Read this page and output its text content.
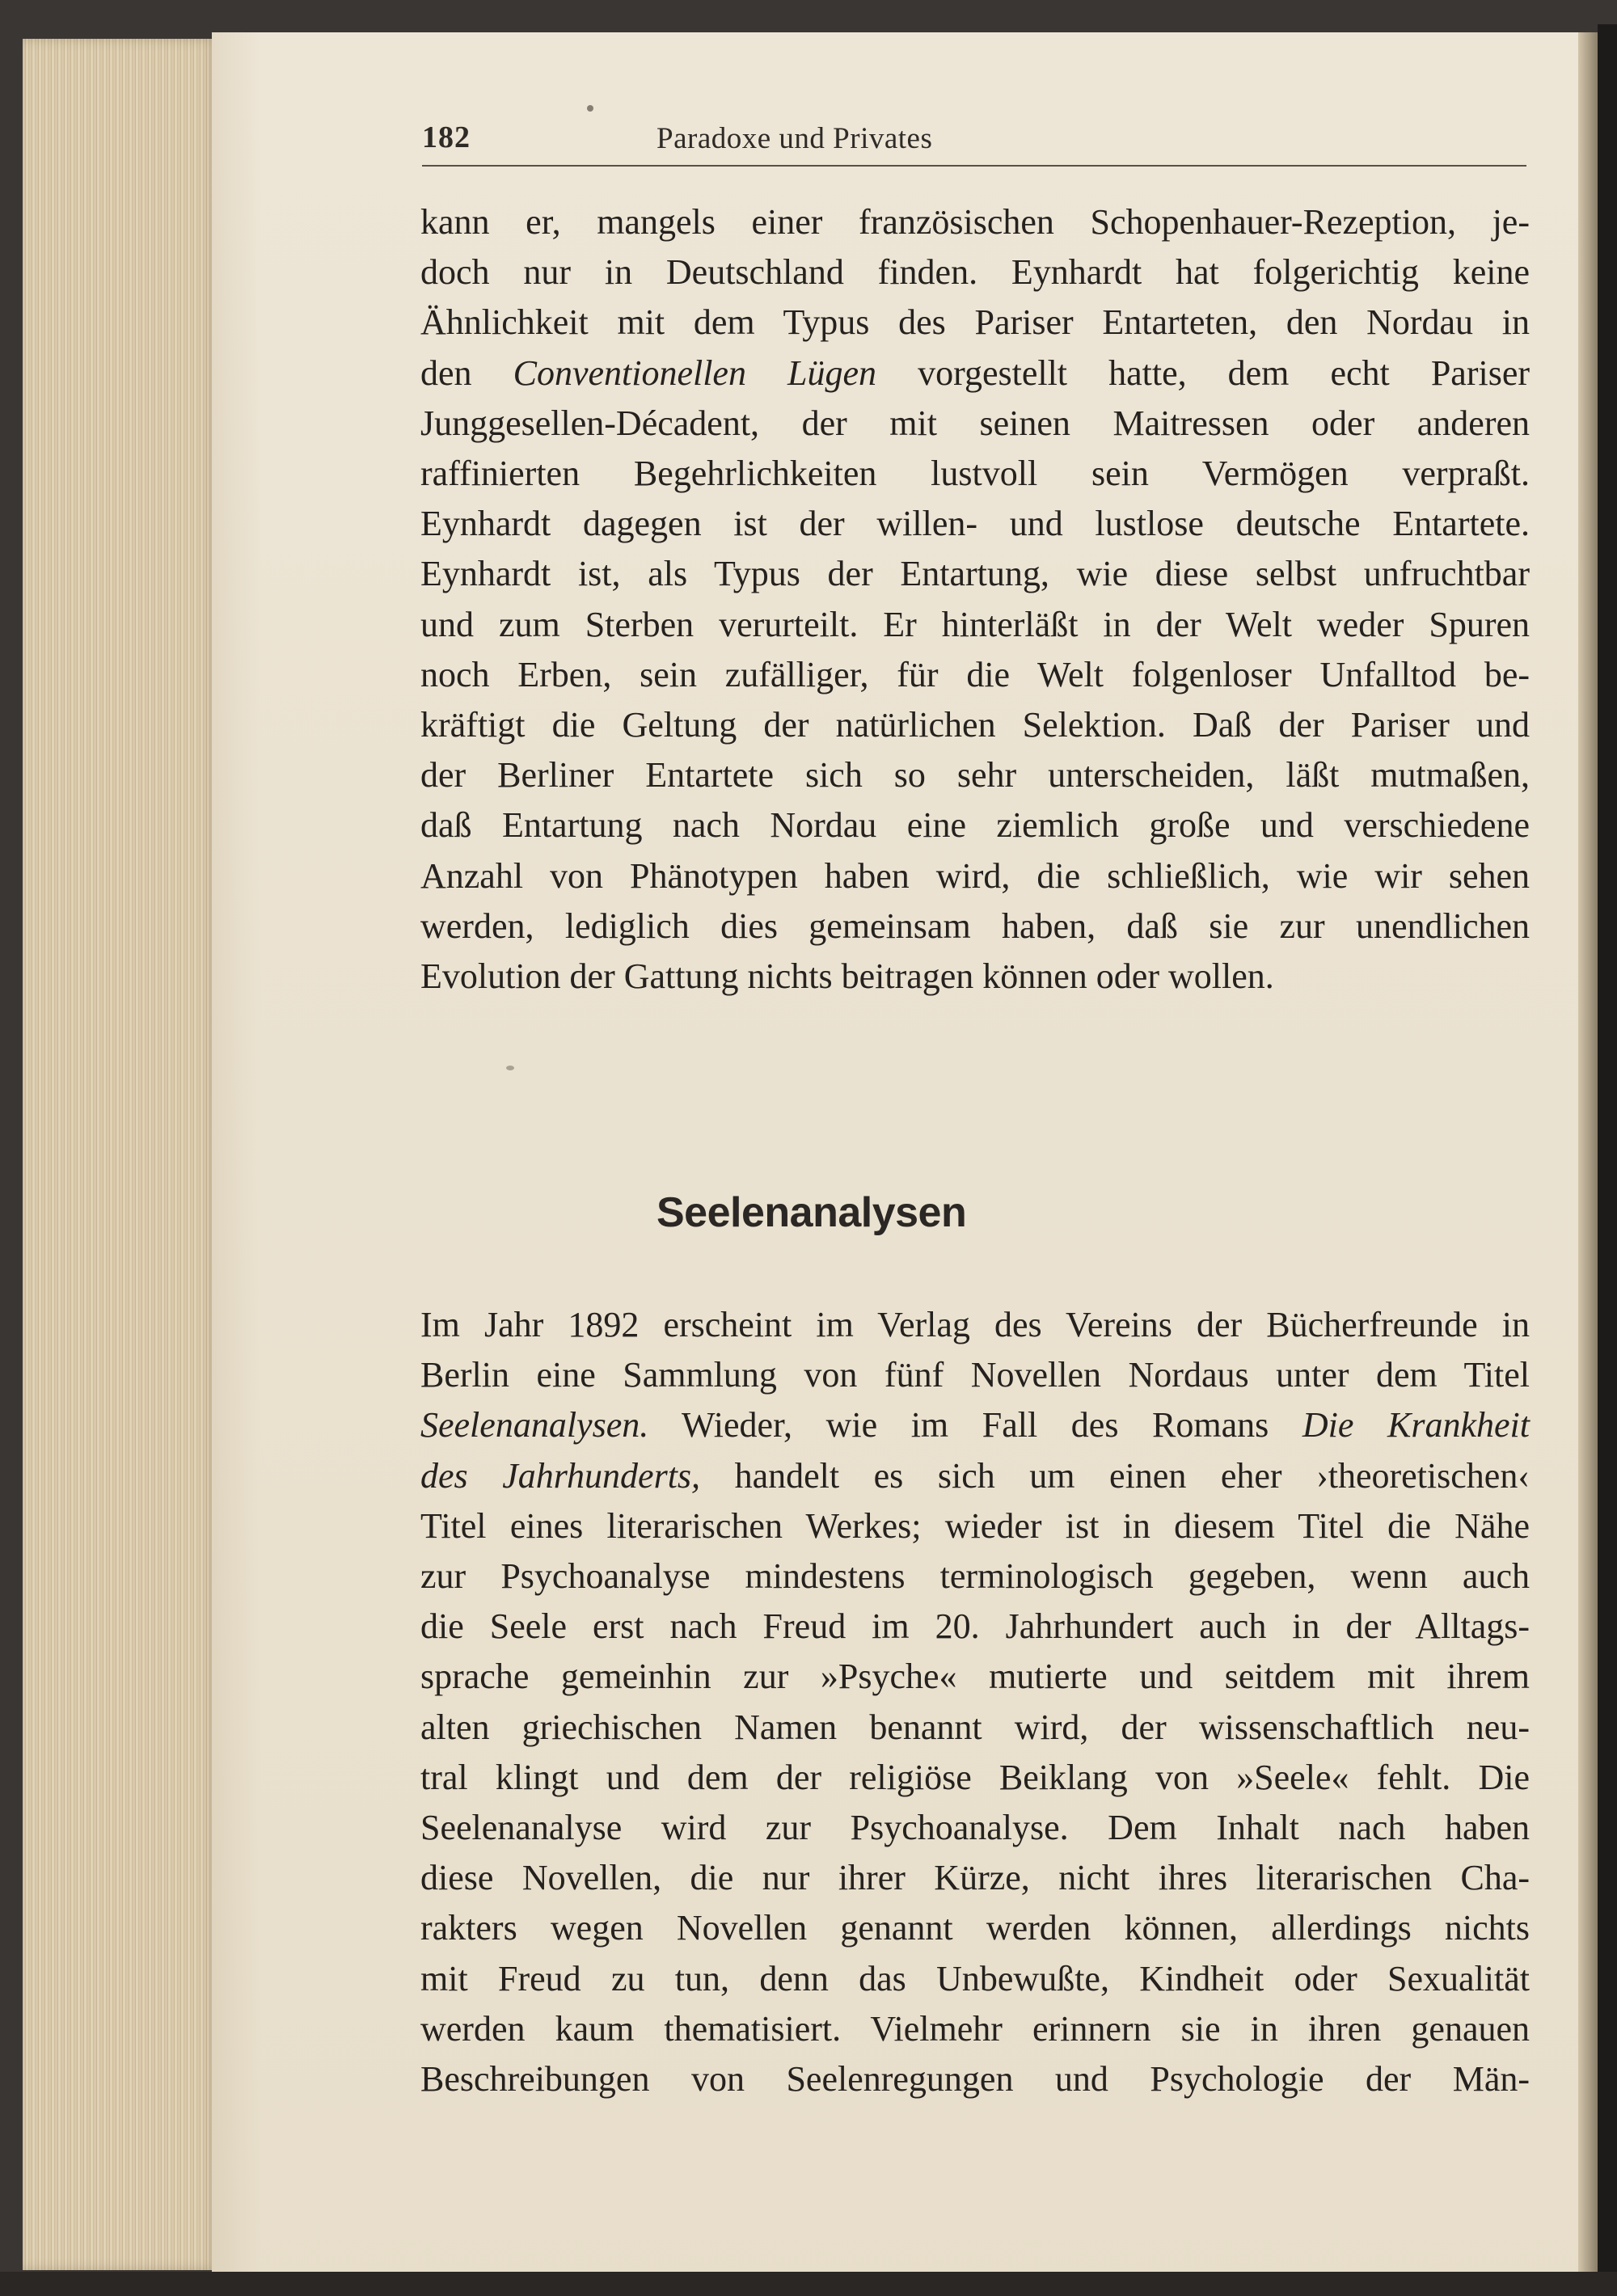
182	Paradoxe und Privates
kann er, mangels einer französischen Schopenhauer-Rezeption, je-
doch nur in Deutschland finden. Eynhardt hat folgerichtig keine
Ähnlichkeit mit dem Typus des Pariser Entarteten, den Nordau in
den Conventionellen Lügen vorgestellt hatte, dem echt Pariser
Junggesellen-Décadent, der mit seinen Maitressen oder anderen
raffinierten Begehrlichkeiten lustvoll sein Vermögen verpraßt.
Eynhardt dagegen ist der willen- und lustlose deutsche Entartete.
Eynhardt ist, als Typus der Entartung, wie diese selbst unfruchtbar
und zum Sterben verurteilt. Er hinterläßt in der Welt weder Spuren
noch Erben, sein zufälliger, für die Welt folgenloser Unfalltod be-
kräftigt die Geltung der natürlichen Selektion. Daß der Pariser und
der Berliner Entartete sich so sehr unterscheiden, läßt mutmaßen,
daß Entartung nach Nordau eine ziemlich große und verschiedene
Anzahl von Phänotypen haben wird, die schließlich, wie wir sehen
werden, lediglich dies gemeinsam haben, daß sie zur unendlichen
Evolution der Gattung nichts beitragen können oder wollen.
Seelenanalysen
Im Jahr 1892 erscheint im Verlag des Vereins der Bücherfreunde in
Berlin eine Sammlung von fünf Novellen Nordaus unter dem Titel
Seelenanalysen. Wieder, wie im Fall des Romans Die Krankheit
des Jahrhunderts, handelt es sich um einen eher ›theoretischen‹
Titel eines literarischen Werkes; wieder ist in diesem Titel die Nähe
zur Psychoanalyse mindestens terminologisch gegeben, wenn auch
die Seele erst nach Freud im 20. Jahrhundert auch in der Alltags-
sprache gemeinhin zur »Psyche« mutierte und seitdem mit ihrem
alten griechischen Namen benannt wird, der wissenschaftlich neu-
tral klingt und dem der religiöse Beiklang von »Seele« fehlt. Die
Seelenanalyse wird zur Psychoanalyse. Dem Inhalt nach haben
diese Novellen, die nur ihrer Kürze, nicht ihres literarischen Cha-
rakters wegen Novellen genannt werden können, allerdings nichts
mit Freud zu tun, denn das Unbewußte, Kindheit oder Sexualität
werden kaum thematisiert. Vielmehr erinnern sie in ihren genauen
Beschreibungen von Seelenregungen und Psychologie der Män-
